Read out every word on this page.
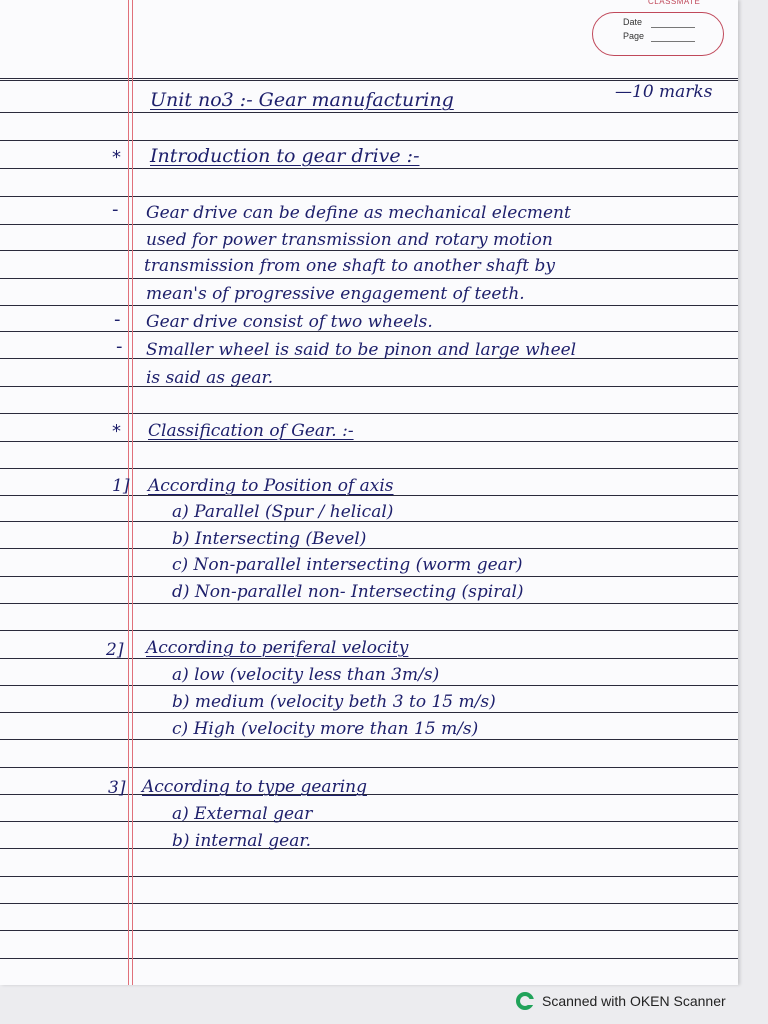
CLASSMATE
Date
Page
Unit no3 :- Gear manufacturing	—10 marks
* Introduction to gear drive :-
- Gear drive can be define as mechanical elecment
used for power transmission and rotary motion
transmission from one shaft to another shaft by
mean's of progressive engagement of teeth.
- Gear drive consist of two wheels.
- Smaller wheel is said to be pinon and large wheel
is said as gear.
* Classification of Gear. :-
1] According to Position of axis
a) Parallel (Spur / helical)
b) Intersecting (Bevel)
c) Non-parallel intersecting (worm gear)
d) Non-parallel non- Intersecting (spiral)
2] According to periferal velocity
a) low (velocity less than 3m/s)
b) medium (velocity beth 3 to 15 m/s)
c) High (velocity more than 15 m/s)
3] According to type gearing
a) External gear
b) internal gear.
Scanned with OKEN Scanner
